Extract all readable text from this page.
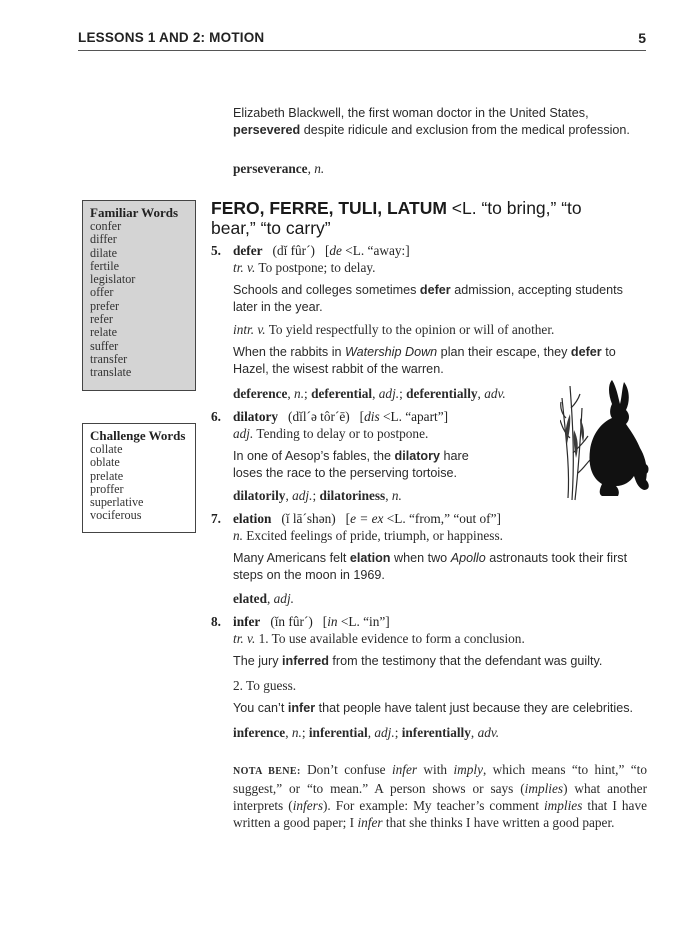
LESSONS 1 AND 2: MOTION	5
Familiar Words
confer
differ
dilate
fertile
legislator
offer
prefer
refer
relate
suffer
transfer
translate
Challenge Words
collate
oblate
prelate
proffer
superlative
vociferous

Elizabeth Blackwell, the first woman doctor in the United States,
persevered despite ridicule and exclusion from the medical profession.

perseverance, n.

FERO, FERRE, TULI, LATUM <L. “to bring,” “to bear,” “to carry”
5. defer (dĭ fûr´)   [de <L. “away:]

tr. v. To postpone; to delay.

Schools and colleges sometimes defer admission, accepting students later in the year.

intr. v. To yield respectfully to the opinion or will of another.

When the rabbits in Watership Down plan their escape, they defer to Hazel, the wisest rabbit of the warren.

deference, n.; deferential, adj.; deferentially, adv.

6. dilatory (dĭl´ə tôr´ē)   [dis <L. “apart”]

adj. Tending to delay or to postpone.

In one of Aesop’s fables, the dilatory hare loses the race to the perserving tortoise.

dilatorily, adj.; dilatoriness, n.

7. elation (ĭ lā´shən)   [e = ex <L. “from,” “out of”]

n. Excited feelings of pride, triumph, or happiness.

Many Americans felt elation when two Apollo astronauts took their first steps on the moon in 1969.

elated, adj.

8. infer (ĭn fûr´)   [in <L. “in”]

tr. v. 1. To use available evidence to form a conclusion.

The jury inferred from the testimony that the defendant was guilty.

2. To guess.

You can’t infer that people have talent just because they are celebrities.

inference, n.; inferential, adj.; inferentially, adv.

NOTA BENE: Don’t confuse infer with imply, which means “to hint,” “to suggest,” or “to mean.” A person shows or says (implies) what another interprets (infers). For example: My teacher’s comment implies that I have written a good paper; I infer that she thinks I have written a good paper.
